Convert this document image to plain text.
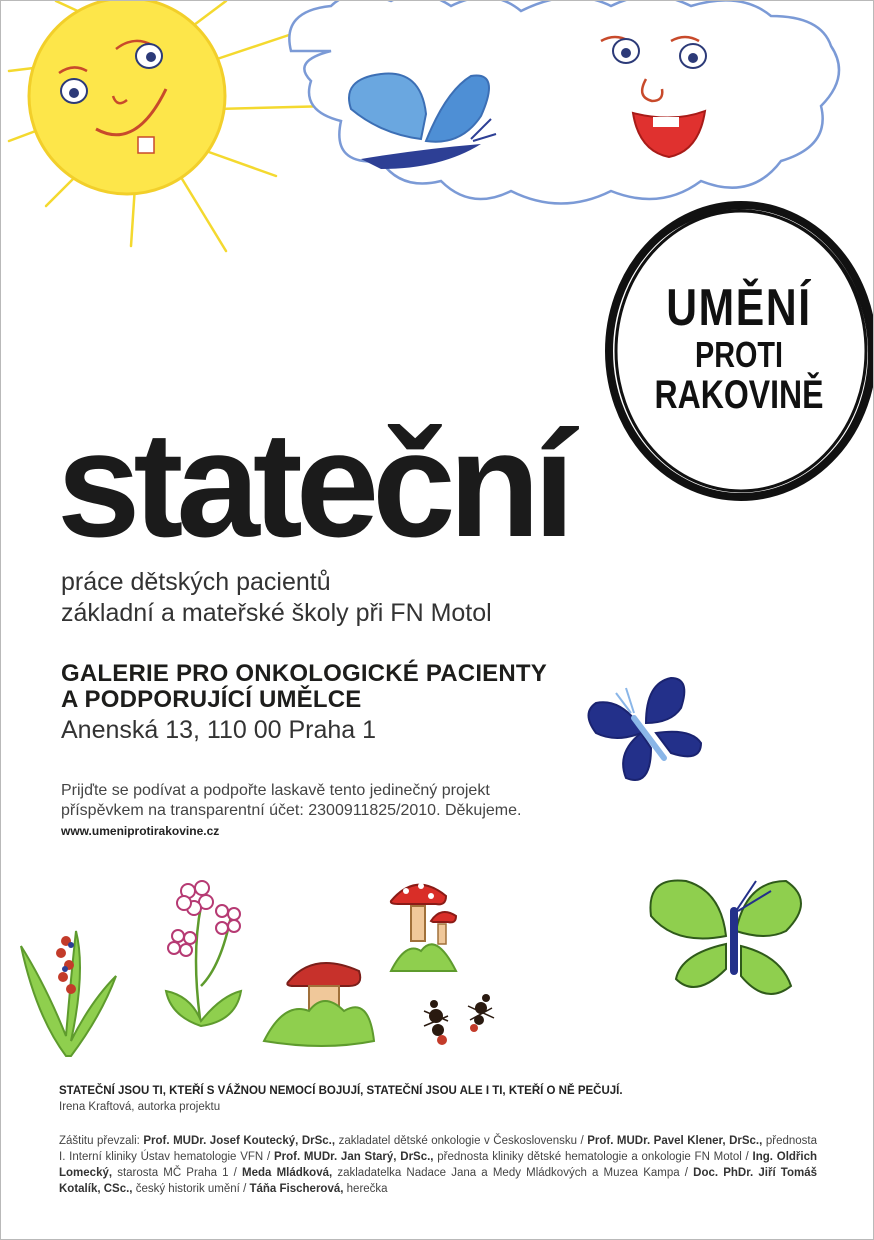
UMĚNÍ
PROTI
RAKOVINĚ
stateční
práce dětských pacientů
základní a mateřské školy při FN Motol
GALERIE PRO ONKOLOGICKÉ PACIENTY
A PODPORUJÍCÍ UMĚLCE
Anenská 13, 110 00 Praha 1
Prijďte se podívat a podpořte laskavě tento jedinečný projekt
příspěvkem na transparentní účet: 2300911825/2010. Děkujeme.
www.umeniprotirakovine.cz
STATEČNÍ JSOU TI, KTEŘÍ S VÁŽNOU NEMOCÍ BOJUJÍ, STATEČNÍ JSOU ALE I TI, KTEŘÍ O NĚ PEČUJÍ.
Irena Kraftová, autorka projektu
Záštitu převzali: Prof. MUDr. Josef Koutecký, DrSc., zakladatel dětské onkologie v Československu / Prof. MUDr. Pavel Klener, DrSc., přednosta I. Interní kliniky Ústav hematologie VFN / Prof. MUDr. Jan Starý, DrSc., přednosta kliniky dětské hematologie a onkologie FN Motol / Ing. Oldřich Lomecký, starosta MČ Praha 1 / Meda Mládková, zakladatelka Nadace Jana a Medy Mládkových a Muzea Kampa / Doc. PhDr. Jiří Tomáš Kotalík, CSc., český historik umění / Táňa Fischerová, herečka
